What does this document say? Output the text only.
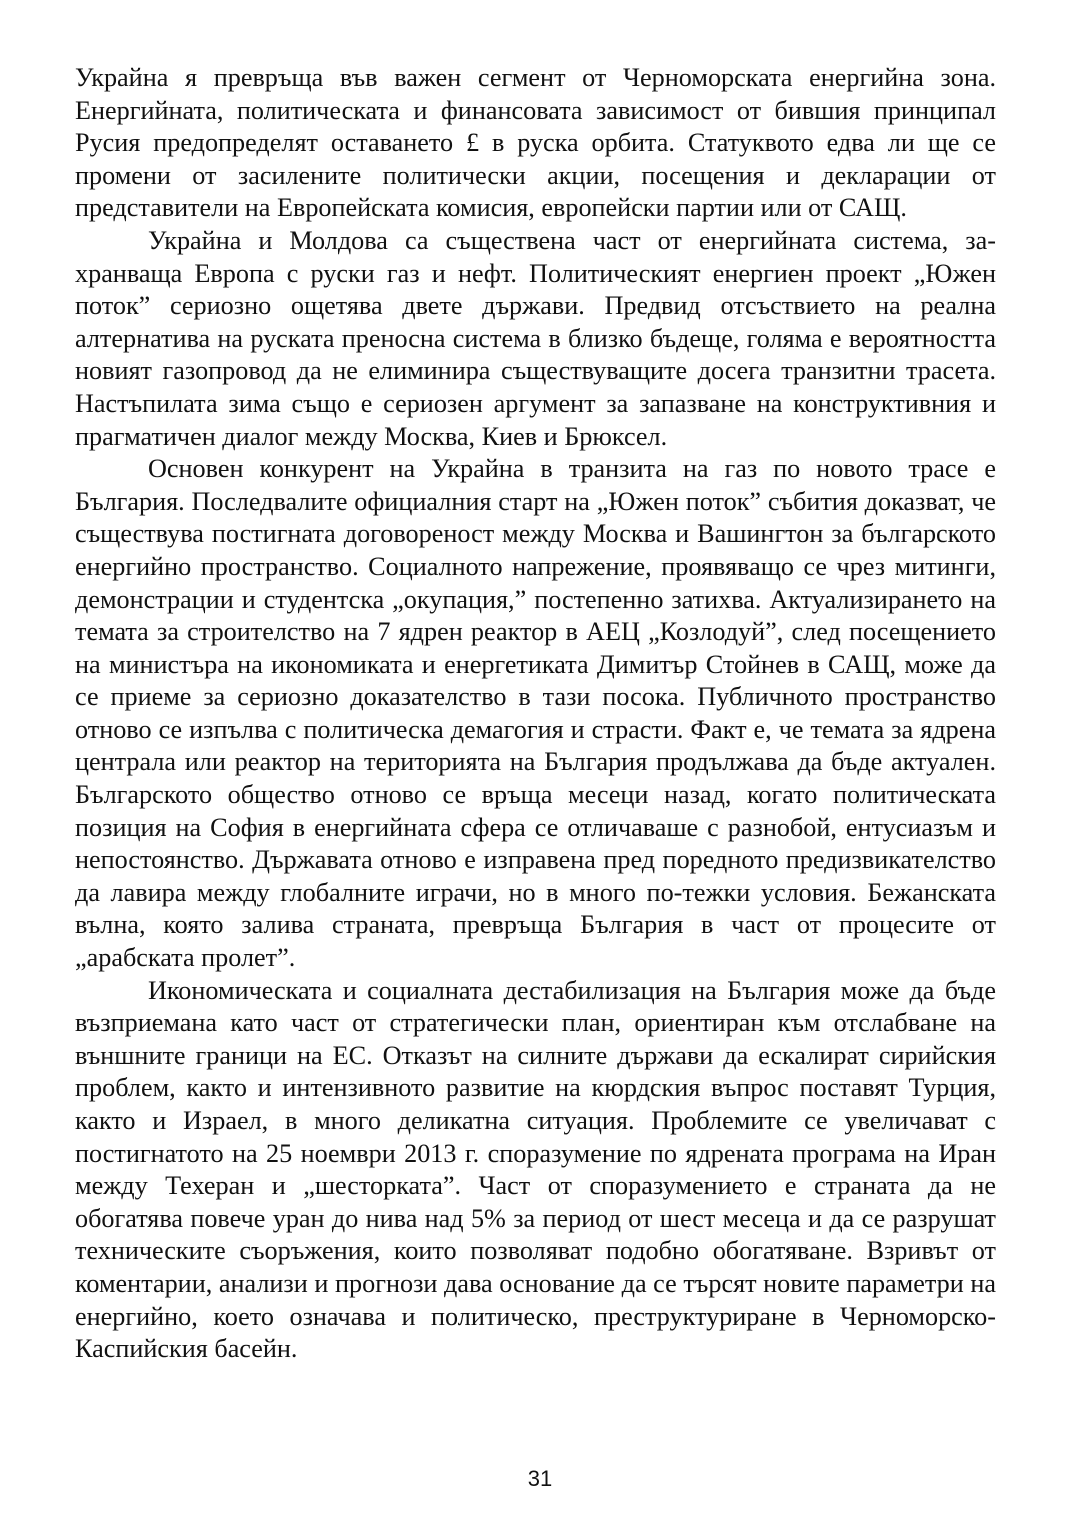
Украйна я превръща във важен сегмент от Черноморската енергийна зона. Енергийната, политическата и финансовата зависимост от бившия принципал Русия предопределят оставането £ в руска орбита. Статуквото едва ли ще се промени от засилените политически акции, посещения и декларации от представители на Европейската комисия, европейски партии или от САЩ.

Украйна и Молдова са съществена част от енергийната система, захранваща Европа с руски газ и нефт. Политическият енергиен проект „Южен поток” сериозно ощетява двете държави. Предвид отсъствието на реална алтернатива на руската преносна система в близко бъдеще, голяма е вероятността новият газопровод да не елиминира съществуващите досега транзитни трасета. Настъпилата зима също е сериозен аргумент за запазване на конструктивния и прагматичен диалог между Москва, Киев и Брюксел.

Основен конкурент на Украйна в транзита на газ по новото трасе е България. Последвалите официалния старт на „Южен поток” събития доказват, че съществува постигната договореност между Москва и Вашингтон за българското енергийно пространство. Социалното напрежение, проявяващо се чрез митинги, демонстрации и студентска „окупация,” постепенно затихва. Актуализирането на темата за строителство на 7 ядрен реактор в АЕЦ „Козлодуй”, след посещението на министъра на икономиката и енергетиката Димитър Стойнев в САЩ, може да се приеме за сериозно доказателство в тази посока. Публичното пространство отново се изпълва с политическа демагогия и страсти. Факт е, че темата за ядрена централа или реактор на територията на България продължава да бъде актуален. Българското общество отново се връща месеци назад, когато политическата позиция на София в енергийната сфера се отличаваше с разнобой, ентусиазъм и непостоянство. Държавата отново е изправена пред поредното предизвикателство да лавира между глобалните играчи, но в много по-тежки условия. Бежанската вълна, която залива страната, превръща България в част от процесите от „арабската пролет”.

Икономическата и социалната дестабилизация на България може да бъде възприемана като част от стратегически план, ориентиран към отслабване на външните граници на ЕС. Отказът на силните държави да ескалират сирийския проблем, както и интензивното развитие на кюрдския въпрос поставят Турция, както и Израел, в много деликатна ситуация. Проблемите се увеличават с постигнатото на 25 ноември 2013 г. споразумение по ядрената програма на Иран между Техеран и „шесторката”. Част от споразумението е страната да не обогатява повече уран до нива над 5% за период от шест месеца и да се разрушат техническите съоръжения, които позволяват подобно обогатяване. Взривът от коментарии, анализи и прогнози дава основание да се търсят новите параметри на енергийно, което означава и политическо, преструктуриране в Черноморско-Каспийския басейн.

31
